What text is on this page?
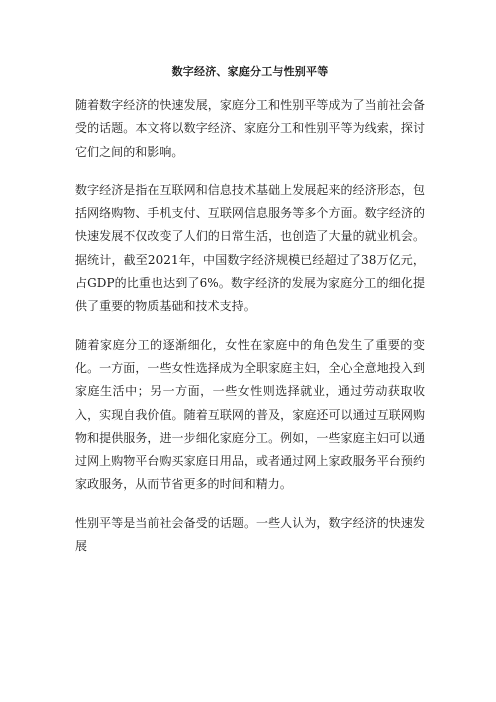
数字经济、家庭分工与性别平等

随着数字经济的快速发展，家庭分工和性别平等成为了当前社会备受的话题。本文将以数字经济、家庭分工和性别平等为线索，探讨它们之间的和影响。

数字经济是指在互联网和信息技术基础上发展起来的经济形态，包括网络购物、手机支付、互联网信息服务等多个方面。数字经济的快速发展不仅改变了人们的日常生活，也创造了大量的就业机会。据统计，截至2021年，中国数字经济规模已经超过了38万亿元，占GDP的比重也达到了6%。数字经济的发展为家庭分工的细化提供了重要的物质基础和技术支持。

随着家庭分工的逐渐细化，女性在家庭中的角色发生了重要的变化。一方面，一些女性选择成为全职家庭主妇，全心全意地投入到家庭生活中；另一方面，一些女性则选择就业，通过劳动获取收入，实现自我价值。随着互联网的普及，家庭还可以通过互联网购物和提供服务，进一步细化家庭分工。例如，一些家庭主妇可以通过网上购物平台购买家庭日用品，或者通过网上家政服务平台预约家政服务，从而节省更多的时间和精力。

性别平等是当前社会备受的话题。一些人认为，数字经济的快速发展
